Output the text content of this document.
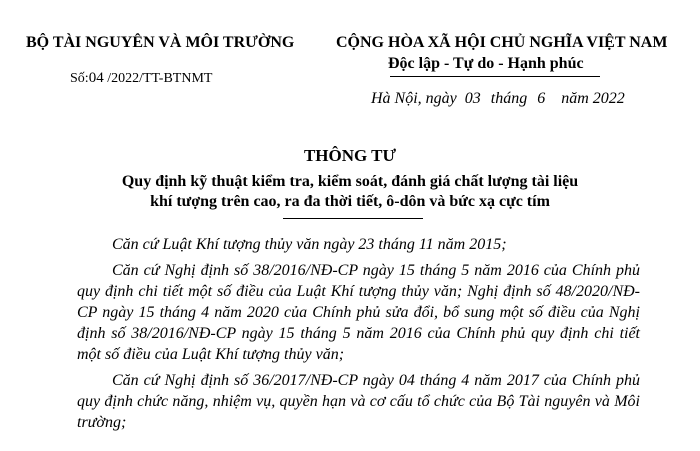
BỘ TÀI NGUYÊN VÀ MÔI TRƯỜNG	CỘNG HÒA XÃ HỘI CHỦ NGHĨA VIỆT NAM
Độc lập - Tự do - Hạnh phúc
Số:04 /2022/TT-BTNMT
Hà Nội, ngày 03 tháng 6 năm 2022
THÔNG TƯ
Quy định kỹ thuật kiểm tra, kiểm soát, đánh giá chất lượng tài liệu
khí tượng trên cao, ra đa thời tiết, ô-dôn và bức xạ cực tím

Căn cứ Luật Khí tượng thủy văn ngày 23 tháng 11 năm 2015;

Căn cứ Nghị định số 38/2016/NĐ-CP ngày 15 tháng 5 năm 2016 của Chính phủ quy định chi tiết một số điều của Luật Khí tượng thủy văn; Nghị định số 48/2020/NĐ-CP ngày 15 tháng 4 năm 2020 của Chính phủ sửa đổi, bổ sung một số điều của Nghị định số 38/2016/NĐ-CP ngày 15 tháng 5 năm 2016 của Chính phủ quy định chi tiết một số điều của Luật Khí tượng thủy văn;

Căn cứ Nghị định số 36/2017/NĐ-CP ngày 04 tháng 4 năm 2017 của Chính phủ quy định chức năng, nhiệm vụ, quyền hạn và cơ cấu tổ chức của Bộ Tài nguyên và Môi trường;
